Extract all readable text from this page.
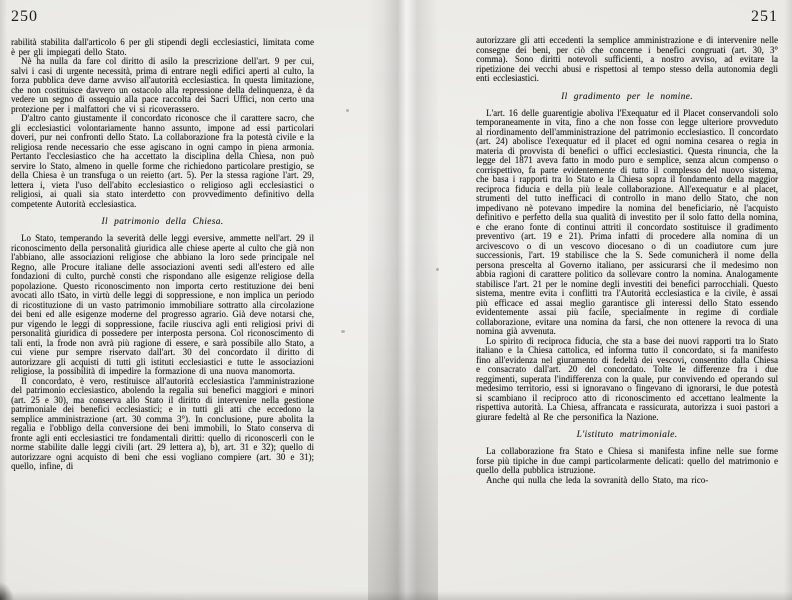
250

rabilità stabilita dall'articolo 6 per gli stipendi degli ecclesiastici, limitata come è per gli impiegati dello Stato.

Nè ha nulla da fare col diritto di asilo la prescrizione dell'art. 9 per cui, salvi i casi di urgente necessità, prima di entrare negli edifici aperti al culto, la forza pubblica deve darne avviso all'autorità ecclesiastica. In questa limitazione, che non costituisce davvero un ostacolo alla repressione della delinquenza, è da vedere un segno di ossequio alla pace raccolta dei Sacri Uffici, non certo una protezione per i malfattori che vi si ricoverassero.

D'altro canto giustamente il concordato riconosce che il carattere sacro, che gli ecclesiastici volontariamente hanno assunto, impone ad essi particolari doveri, pur nei confronti dello Stato. La collaborazione fra la potestà civile e la religiosa rende necessario che esse agiscano in ogni campo in piena armonia. Pertanto l'ecclesiastico che ha accettato la disciplina della Chiesa, non può servire lo Stato, almeno in quelle forme che richiedono particolare prestigio, se della Chiesa è un transfuga o un reietto (art. 5). Per la stessa ragione l'art. 29, lettera i, vieta l'uso dell'abito ecclesiastico o religioso agli ecclesiastici o religiosi, ai quali sia stato interdetto con provvedimento definitivo della competente Autorità ecclesiastica.

Il patrimonio della Chiesa.

Lo Stato, temperando la severità delle leggi eversive, ammette nell'art. 29 il riconoscimento della personalità giuridica alle chiese aperte al culto che già non l'abbiano, alle associazioni religiose che abbiano la loro sede principale nel Regno, alle Procure italiane delle associazioni aventi sedi all'estero ed alle fondazioni di culto, purchè consti che rispondano alle esigenze religiose della popolazione. Questo riconoscimento non importa certo restituzione dei beni avocati allo tSato, in virtù delle leggi di soppressione, e non implica un periodo di ricostituzione di un vasto patrimonio immobiliare sottratto alla circolazione dei beni ed alle esigenze moderne del progresso agrario. Già deve notarsi che, pur vigendo le leggi di soppressione, facile riusciva agli enti religiosi privi di personalità giuridica di possedere per interposta persona. Col riconoscimento di tali enti, la frode non avrà più ragione di essere, e sarà possibile allo Stato, a cui viene pur sempre riservato dall'art. 30 del concordato il diritto di autorizzare gli acquisti di tutti gli istituti ecclesiastici e tutte le associazioni religiose, la possibilità di impedire la formazione di una nuova manomorta.

Il concordato, è vero, restituisce all'autorità ecclesiastica l'amministrazione del patrimonio ecclesiastico, abolendo la regalia sui benefici maggiori e minori (art. 25 e 30), ma conserva allo Stato il diritto di intervenire nella gestione patrimoniale dei benefici ecclesiastici; e in tutti gli atti che eccedono la semplice amministrazione (art. 30 comma 3°). In conclusione, pure abolita la regalia e l'obbligo della conversione dei beni immobili, lo Stato conserva di fronte agli enti ecclesiastici tre fondamentali diritti: quello di riconoscerli con le norme stabilite dalle leggi civili (art. 29 lettera a), b), art. 31 e 32); quello di autorizzare ogni acquisto di beni che essi vogliano compiere (art. 30 e 31); quello, infine, di

251

autorizzare gli atti eccedenti la semplice amministrazione e di intervenire nelle consegne dei beni, per ciò che concerne i benefici congruati (art. 30, 3° comma). Sono diritti notevoli sufficienti, a nostro avviso, ad evitare la ripetizione dei vecchi abusi e rispettosi al tempo stesso della autonomia degli enti ecclesiastici.

Il gradimento per le nomine.

L'art. 16 delle guarentigie aboliva l'Exequatur ed il Placet conservandoli solo temporaneamente in vita, fino a che non fosse con legge ulteriore provveduto al riordinamento dell'amministrazione del patrimonio ecclesiastico. Il concordato (art. 24) abolisce l'exequatur ed il placet ed ogni nomina cesarea o regia in materia di provvista di benefici o uffici ecclesiastici. Questa rinuncia, che la legge del 1871 aveva fatto in modo puro e semplice, senza alcun compenso o corrispettivo, fa parte evidentemente di tutto il complesso del nuovo sistema, che basa i rapporti tra lo Stato e la Chiesa sopra il fondamento della maggior reciproca fiducia e della più leale collaborazione. All'exequatur e al placet, strumenti del tutto inefficaci di controllo in mano dello Stato, che non impedivano nè potevano impedire la nomina del beneficiario, nè l'acquisto definitivo e perfetto della sua qualità di investito per il solo fatto della nomina, e che erano fonte di continui attriti il concordato sostituisce il gradimento preventivo (art. 19 e 21). Prima infatti di procedere alla nomina di un arcivescovo o di un vescovo diocesano o di un coadiutore cum jure successionis, l'art. 19 stabilisce che la S. Sede comunicherà il nome della persona prescelta al Governo italiano, per assicurarsi che il medesimo non abbia ragioni di carattere politico da sollevare contro la nomina. Analogamente stabilisce l'art. 21 per le nomine degli investiti dei benefici parrocchiali. Questo sistema, mentre evita i conflitti tra l'Autorità ecclesiastica e la civile, è assai più efficace ed assai meglio garantisce gli interessi dello Stato essendo evidentemente assai più facile, specialmente in regime di cordiale collaborazione, evitare una nomina da farsi, che non ottenere la revoca di una nomina già avvenuta.

Lo spirito di reciproca fiducia, che sta a base dei nuovi rapporti tra lo Stato italiano e la Chiesa cattolica, ed informa tutto il concordato, si fa manifesto fino all'evidenza nel giuramento di fedeltà dei vescovi, consentito dalla Chiesa e consacrato dall'art. 20 del concordato. Tolte le differenze fra i due reggimenti, superata l'indifferenza con la quale, pur convivendo ed operando sul medesimo territorio, essi si ignoravano o fingevano di ignorarsi, le due potestà si scambiano il reciproco atto di riconoscimento ed accettano lealmente la rispettiva autorità. La Chiesa, affrancata e rassicurata, autorizza i suoi pastori a giurare fedeltà al Re che personifica la Nazione.

L'istituto matrimoniale.

La collaborazione fra Stato e Chiesa si manifesta infine nelle sue forme forse più tipiche in due campi particolarmente delicati: quello del matrimonio e quello della pubblica istruzione.

Anche qui nulla che leda la sovranità dello Stato, ma rico-
